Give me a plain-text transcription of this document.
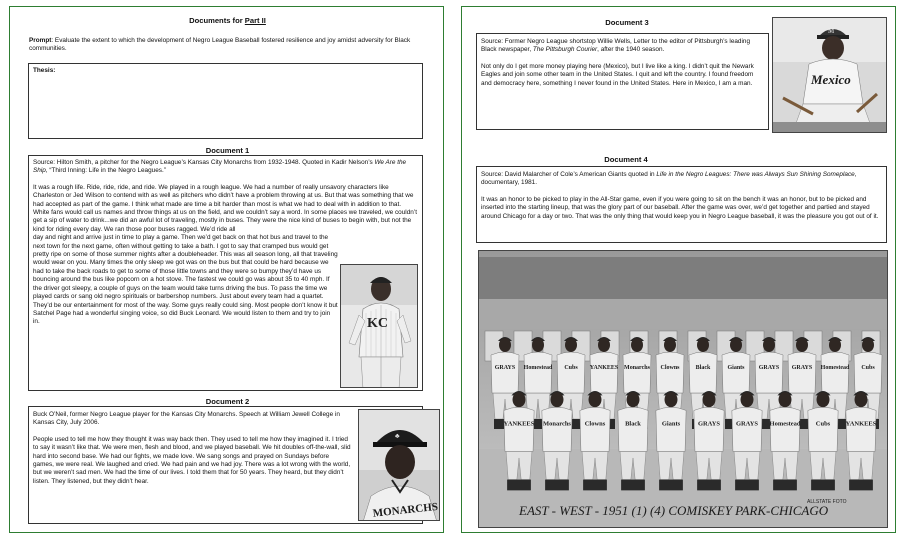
Documents for Part II
Prompt: Evaluate the extent to which the development of Negro League Baseball fostered resilience and joy amidst adversity for Black communities.
Thesis:
Document 1

Source: Hilton Smith, a pitcher for the Negro League’s Kansas City Monarchs from 1932-1948. Quoted in Kadir Nelson’s We Are the Ship, “Third Inning: Life in the Negro Leagues.”

It was a rough life. Ride, ride, ride, and ride. We played in a rough league. We had a number of really unsavory characters like Charleston or Jed Wilson to contend with as well as pitchers who didn’t have a problem throwing at us. But that was something that we had accepted as part of the game. I think what made are time a bit harder than most is what we had to deal with in addition to that. White fans would call us names and throw things at us on the field, and we couldn’t say a word. In some places we traveled, we couldn’t get a sip of water to drink...we did an awful lot of traveling, mostly in buses. They were the nice kind of buses to begin with, but not the kind for riding every day. We ran those poor buses ragged. We’d ride all
day and night and arrive just in time to play a game. Then we’d get back on that hot bus and travel to the next town for the next game, often without getting to take a bath. I got to say that cramped bus would get pretty ripe on some of those summer nights after a doubleheader. This was all season long, all that traveling would wear on you. Many times the only sleep we got was on the bus but that could be hard because we had to take the back roads to get to some of those little towns and they were so bumpy they’d have us bouncing around the bus like popcorn on a hot stove. The fastest we could go was about 35 to 40 mph. If the driver got sleepy, a couple of guys on the team would take turns driving the bus. To pass the time we played cards or sang old negro spirituals or barbershop numbers. Just about every team had a quartet. They’d be our entertainment for most of the way. Some guys really could sing. Most people don’t know it but Satchel Page had a wonderful singing voice, so did Buck Leonard. We would listen to them and try to join in.	KC
Document 2

Buck O’Neil, former Negro League player for the Kansas City Monarchs. Speech at William Jewell College in Kansas City, July 2006.

People used to tell me how they thought it was way back then. They used to tell me how they imagined it. I tried to say it wasn’t like that. We were men, flesh and blood, and we played baseball. We hit doubles off-the-wall, slid hard into second base. We had our fights, we made love. We sang songs and prayed on Sundays before games, we were real. We laughed and cried. We had pain and we had joy. There was a lot wrong with the world, but we weren’t sad men. We had the time of our lives. I told them that for 50 years. They heard, but they didn’t listen. They listened, but they didn’t hear.
♣
MONARCHS
Document 3

Source: Former Negro League shortstop Willie Wells, Letter to the editor of Pittsburgh’s leading Black newspaper, The Pittsburgh Courier, after the 1940 season.

Not only do I get more money playing here (Mexico), but I live like a king. I didn’t quit the Newark Eagles and join some other team in the United States. I quit and left the country. I found freedom and democracy here, something I never found in the United States. Here in Mexico, I am a man.
M
Mexico
Document 4

Source: David Malarcher of Cole’s American Giants quoted in Life in the Negro Leagues: There was Always Sun Shining Someplace, documentary, 1981.

It was an honor to be picked to play in the All-Star game, even if you were going to sit on the bench it was an honor, but to be picked and inserted into the starting lineup, that was the glory part of our baseball. After the game was over, we’d get together and partied and stayed around Chicago for a day or two. That was the only thing that would keep you in Negro League baseball, it was the pleasure you got out of it.
GRAYS Homestead Cubs YANKEES Monarchs Clowns	Black	Giants GRAYS GRAYS Homestead Cubs
YANKEES Monarchs Clowns	Black	Giants	GRAYS GRAYS Homestead Cubs YANKEES
EAST - WEST - 1951 (1) (4) COMISKEY PARK-CHICAGO
ALLSTATE FOTO
